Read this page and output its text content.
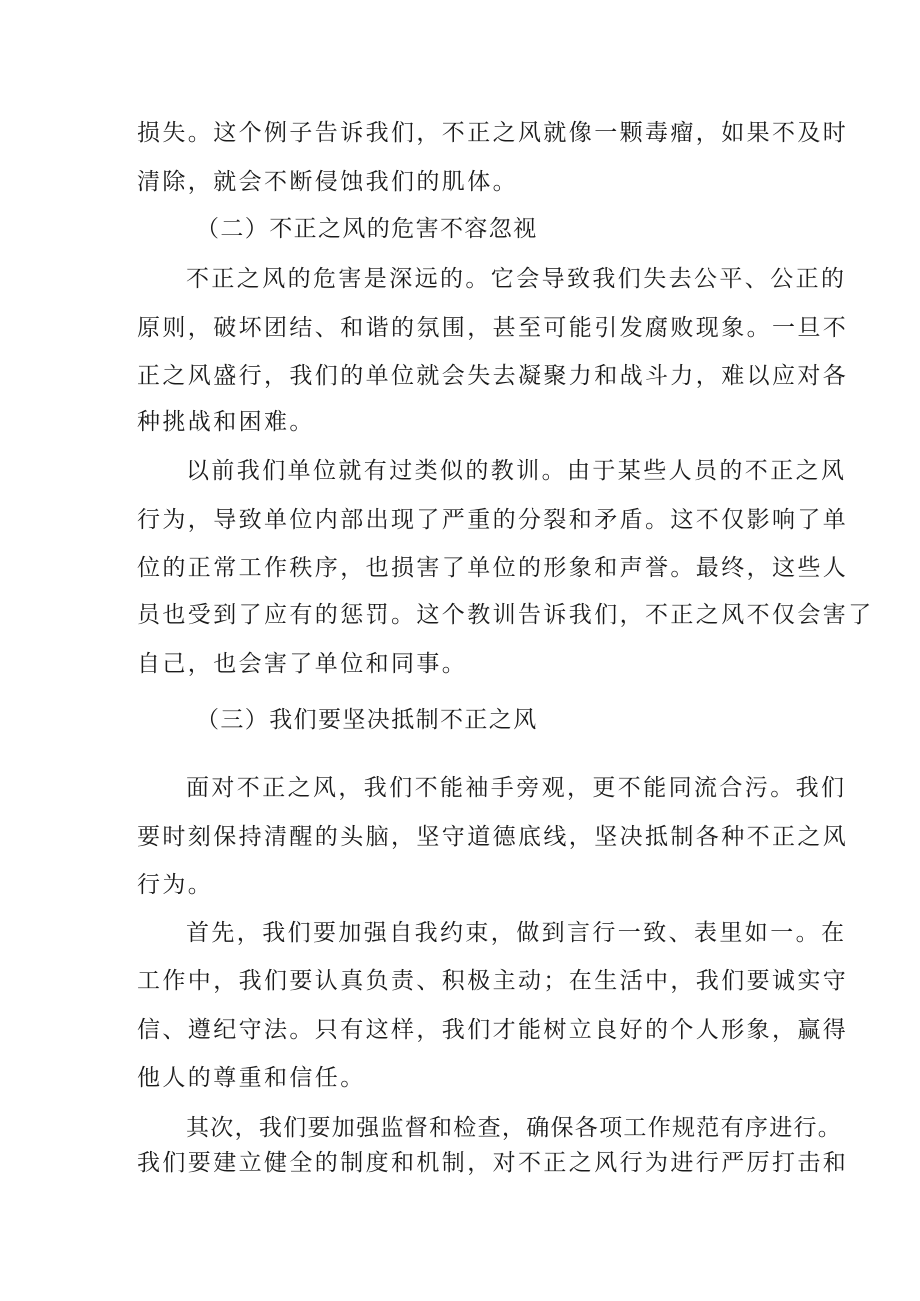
损失。这个例子告诉我们，不正之风就像一颗毒瘤，如果不及时
清除，就会不断侵蚀我们的肌体。
（二）不正之风的危害不容忽视
不正之风的危害是深远的。它会导致我们失去公平、公正的
原则，破坏团结、和谐的氛围，甚至可能引发腐败现象。一旦不
正之风盛行，我们的单位就会失去凝聚力和战斗力，难以应对各
种挑战和困难。
以前我们单位就有过类似的教训。由于某些人员的不正之风
行为，导致单位内部出现了严重的分裂和矛盾。这不仅影响了单
位的正常工作秩序，也损害了单位的形象和声誉。最终，这些人
员也受到了应有的惩罚。这个教训告诉我们，不正之风不仅会害了
自己，也会害了单位和同事。
（三）我们要坚决抵制不正之风
面对不正之风，我们不能袖手旁观，更不能同流合污。我们
要时刻保持清醒的头脑，坚守道德底线，坚决抵制各种不正之风
行为。
首先，我们要加强自我约束，做到言行一致、表里如一。在
工作中，我们要认真负责、积极主动；在生活中，我们要诚实守
信、遵纪守法。只有这样，我们才能树立良好的个人形象，赢得
他人的尊重和信任。
其次，我们要加强监督和检查，确保各项工作规范有序进行。
我们要建立健全的制度和机制，对不正之风行为进行严厉打击和
